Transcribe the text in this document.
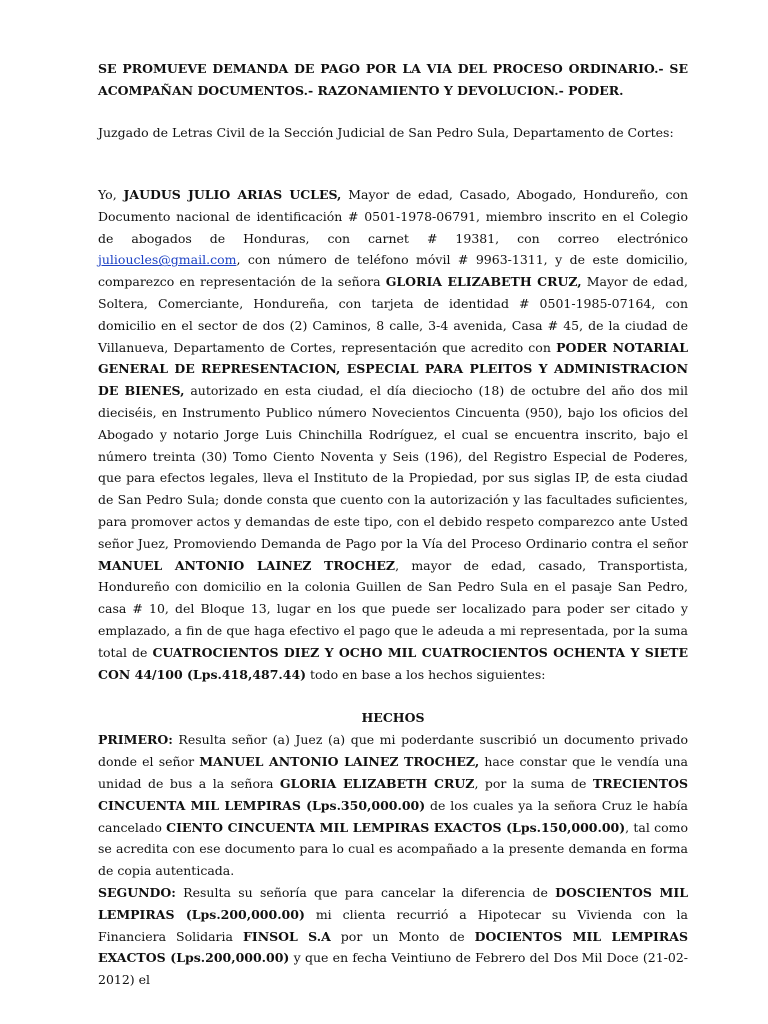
SE PROMUEVE DEMANDA DE PAGO POR LA VIA DEL PROCESO ORDINARIO.- SE ACOMPAÑAN DOCUMENTOS.- RAZONAMIENTO Y DEVOLUCION.- PODER.

Juzgado de Letras Civil de la Sección Judicial de San Pedro Sula, Departamento de Cortes:

Yo, JAUDUS JULIO ARIAS UCLES, Mayor de edad, Casado, Abogado, Hondureño, con Documento nacional de identificación # 0501-1978-06791, miembro inscrito en el Colegio de abogados de Honduras, con carnet # 19381, con correo electrónico julioucles@gmail.com, con número de teléfono móvil # 9963-1311, y de este domicilio, comparezco en representación de la señora GLORIA ELIZABETH CRUZ, Mayor de edad, Soltera, Comerciante, Hondureña, con tarjeta de identidad # 0501-1985-07164, con domicilio en el sector de dos (2) Caminos, 8 calle, 3-4 avenida, Casa # 45, de la ciudad de Villanueva, Departamento de Cortes, representación que acredito con PODER NOTARIAL GENERAL DE REPRESENTACION, ESPECIAL PARA PLEITOS Y ADMINISTRACION DE BIENES, autorizado en esta ciudad, el día dieciocho (18) de octubre del año dos mil dieciséis, en Instrumento Publico número Novecientos Cincuenta (950), bajo los oficios del Abogado y notario Jorge Luis Chinchilla Rodríguez, el cual se encuentra inscrito, bajo el número treinta (30) Tomo Ciento Noventa y Seis (196), del Registro Especial de Poderes, que para efectos legales, lleva el Instituto de la Propiedad, por sus siglas IP, de esta ciudad de San Pedro Sula; donde consta que cuento con la autorización y las facultades suficientes, para promover actos y demandas de este tipo, con el debido respeto comparezco ante Usted señor Juez, Promoviendo Demanda de Pago por la Vía del Proceso Ordinario contra el señor MANUEL ANTONIO LAINEZ TROCHEZ, mayor de edad, casado, Transportista, Hondureño con domicilio en la colonia Guillen de San Pedro Sula en el pasaje San Pedro, casa # 10, del Bloque 13, lugar en los que puede ser localizado para poder ser citado y emplazado, a fin de que haga efectivo el pago que le adeuda a mi representada, por la suma total de CUATROCIENTOS DIEZ Y OCHO MIL CUATROCIENTOS OCHENTA Y SIETE CON 44/100 (Lps.418,487.44) todo en base a los hechos siguientes:

HECHOS

PRIMERO: Resulta señor (a) Juez (a) que mi poderdante suscribió un documento privado donde el señor MANUEL ANTONIO LAINEZ TROCHEZ, hace constar que le vendía una unidad de bus a la señora GLORIA ELIZABETH CRUZ, por la suma de TRECIENTOS CINCUENTA MIL LEMPIRAS (Lps.350,000.00) de los cuales ya la señora Cruz le había cancelado CIENTO CINCUENTA MIL LEMPIRAS EXACTOS (Lps.150,000.00), tal como se acredita con ese documento para lo cual es acompañado a la presente demanda en forma de copia autenticada.

SEGUNDO: Resulta su señoría que para cancelar la diferencia de DOSCIENTOS MIL LEMPIRAS (Lps.200,000.00) mi clienta recurrió a Hipotecar su Vivienda con la Financiera Solidaria FINSOL S.A por un Monto de DOCIENTOS MIL LEMPIRAS EXACTOS (Lps.200,000.00) y que en fecha Veintiuno de Febrero del Dos Mil Doce (21-02-2012) el
